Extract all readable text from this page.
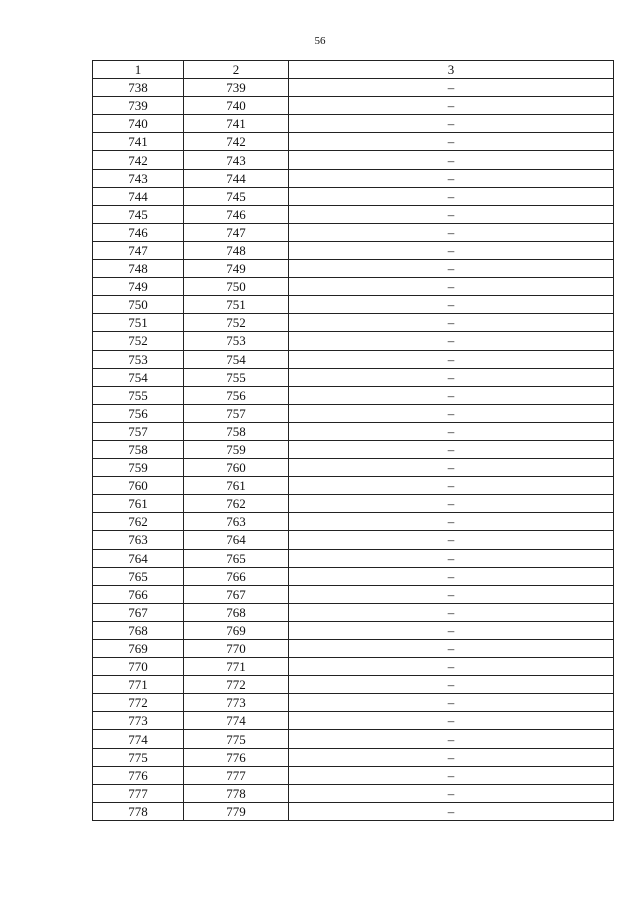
56
1	2	3
738	739	–
739	740	–
740	741	–
741	742	–
742	743	–
743	744	–
744	745	–
745	746	–
746	747	–
747	748	–
748	749	–
749	750	–
750	751	–
751	752	–
752	753	–
753	754	–
754	755	–
755	756	–
756	757	–
757	758	–
758	759	–
759	760	–
760	761	–
761	762	–
762	763	–
763	764	–
764	765	–
765	766	–
766	767	–
767	768	–
768	769	–
769	770	–
770	771	–
771	772	–
772	773	–
773	774	–
774	775	–
775	776	–
776	777	–
777	778	–
778	779	–
